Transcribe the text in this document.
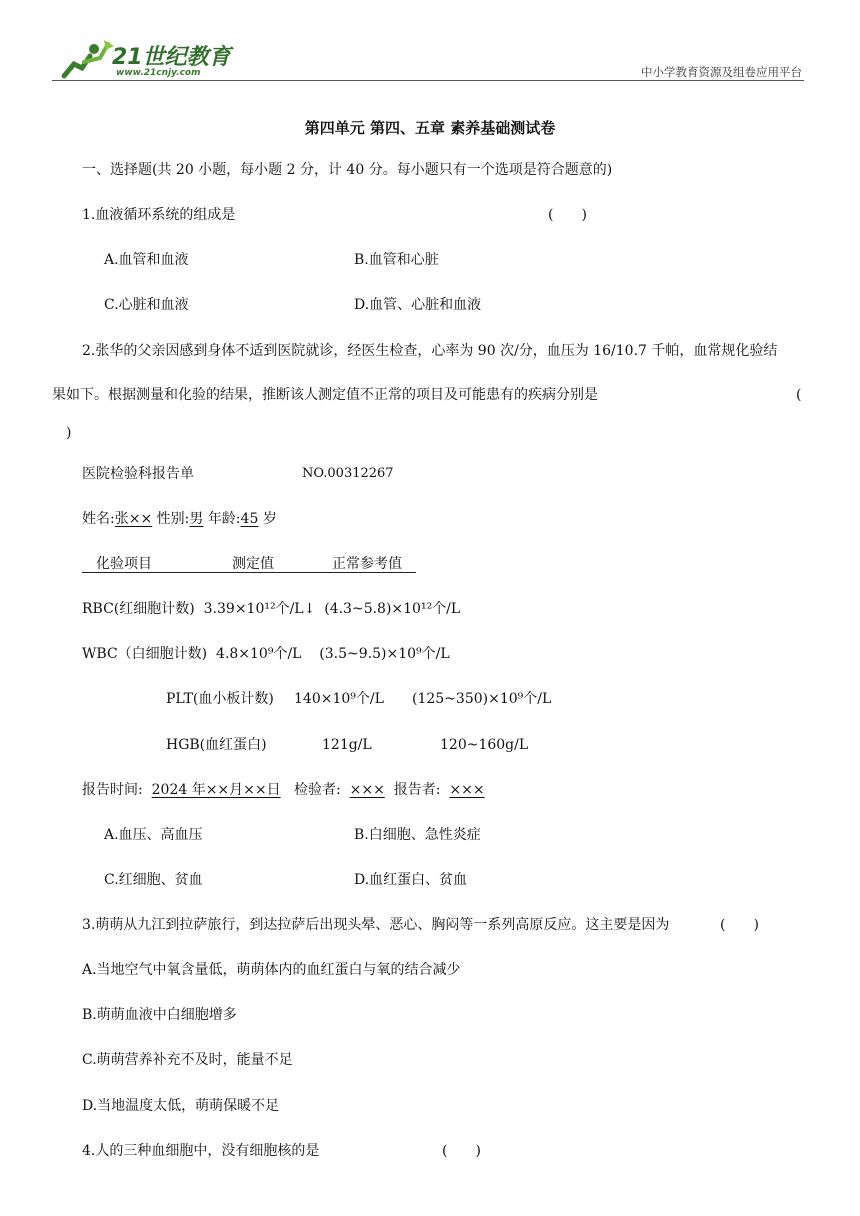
21世纪教育
www.21cnjy.com	中小学教育资源及组卷应用平台
第四单元 第四、五章 素养基础测试卷
一、选择题(共 20 小题，每小题 2 分，计 40 分。每小题只有一个选项是符合题意的)
1.血液循环系统的组成是	(　　)
A.血管和血液	B.血管和心脏
C.心脏和血液	D.血管、心脏和血液
2.张华的父亲因感到身体不适到医院就诊，经医生检查，心率为 90 次/分，血压为 16/10.7 千帕，血常规化验结
果如下。根据测量和化验的结果，推断该人测定值不正常的项目及可能患有的疾病分别是	(
)
医院检验科报告单	NO.00312267
姓名:张×× 性别:男 年龄:45 岁
化验项目	测定值	正常参考值
RBC(红细胞计数) 3.39×10¹²个/L↓ (4.3~5.8)×10¹²个/L
WBC（白细胞计数) 4.8×10⁹个/L (3.5~9.5)×10⁹个/L
PLT(血小板计数) 140×10⁹个/L (125~350)×10⁹个/L
HGB(血红蛋白)	121g/L	120~160g/L
报告时间: 2024 年××月××日 检验者: ××× 报告者: ×××
A.血压、高血压	B.白细胞、急性炎症
C.红细胞、贫血	D.血红蛋白、贫血
3.萌萌从九江到拉萨旅行，到达拉萨后出现头晕、恶心、胸闷等一系列高原反应。这主要是因为	(　　)
A.当地空气中氧含量低，萌萌体内的血红蛋白与氧的结合减少
B.萌萌血液中白细胞增多
C.萌萌营养补充不及时，能量不足
D.当地温度太低，萌萌保暖不足
4.人的三种血细胞中，没有细胞核的是	(　　)
